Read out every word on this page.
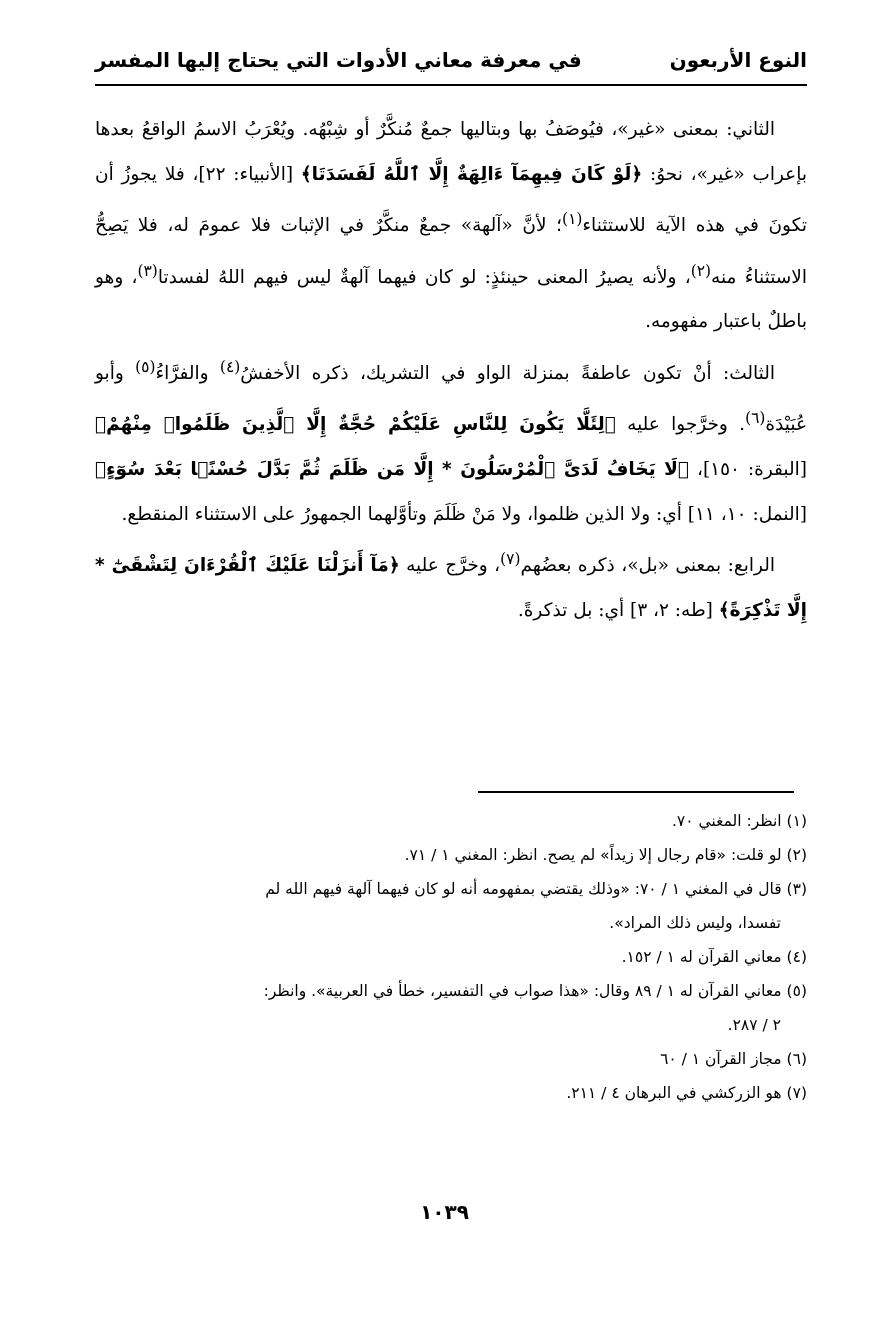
النوع الأربعون
في معرفة معاني الأدوات التي يحتاج إليها المفسر

الثاني: بمعنى «غير»، فيُوصَفُ بها وبتاليها جمعٌ مُنكَّرٌ أو شِبْهُه. ويُعْرَبُ الاسمُ الواقعُ بعدها بإعراب «غير»، نحوُ: ﴿لَوْ كَانَ فِيهِمَآ ءَالِهَةٌ إِلَّا ٱللَّهُ لَفَسَدَتَا﴾ [الأنبياء: ٢٢]، فلا يجوزُ أن تكونَ في هذه الآية للاستثناء$^{(١)}$؛ لأنَّ «آلهة» جمعٌ منكَّرٌ في الإثبات فلا عمومَ له، فلا يَصِحُّ الاستثناءُ منه$^{(٢)}$، ولأنه يصيرُ المعنى حينئذٍ: لو كان فيهما آلهةٌ ليس فيهم اللهُ لفسدتا$^{(٣)}$، وهو باطلٌ باعتبار مفهومه.

الثالث: أنْ تكون عاطفةً بمنزلة الواو في التشريك، ذكره الأخفشُ$^{(٤)}$ والفرَّاءُ$^{(٥)}$ وأبو عُبَيْدَة$^{(٦)}$. وخرَّجوا عليه ﴿لِئَلَّا يَكُونَ لِلنَّاسِ عَلَيْكُمْ حُجَّةٌ إِلَّا ٱلَّذِينَ ظَلَمُوا۟ مِنْهُمْ﴾ [البقرة: ١٥٠]، ﴿لَا يَخَافُ لَدَىَّ ٱلْمُرْسَلُونَ * إِلَّا مَن ظَلَمَ ثُمَّ بَدَّلَ حُسْنًۢا بَعْدَ سُوٓءٍ﴾ [النمل: ١٠، ١١] أي: ولا الذين ظلموا، ولا مَنْ ظَلَمَ وتأوَّلهما الجمهورُ على الاستثناء المنقطع.

الرابع: بمعنى «بل»، ذكره بعضُهم$^{(٧)}$، وخرَّج عليه ﴿مَآ أَنزَلْنَا عَلَيْكَ ٱلْقُرْءَانَ لِتَشْقَىٰٓ * إِلَّا تَذْكِرَةً﴾ [طه: ٢، ٣] أي: بل تذكرةً.

(١) انظر: المغني ٧٠.

(٢) لو قلت: «قام رجال إلا زيداً» لم يصح. انظر: المغني ١ / ٧١.

(٣) قال في المغني ١ / ٧٠: «وذلك يقتضي بمفهومه أنه لو كان فيهما آلهة فيهم الله لم
تفسدا، وليس ذلك المراد».

(٤) معاني القرآن له ١ / ١٥٢.

(٥) معاني القرآن له ١ / ٨٩ وقال: «هذا صواب في التفسير، خطأ في العربية». وانظر:
٢ / ٢٨٧.

(٦) مجاز القرآن ١ / ٦٠

(٧) هو الزركشي في البرهان ٤ / ٢١١.

١٠٣٩
